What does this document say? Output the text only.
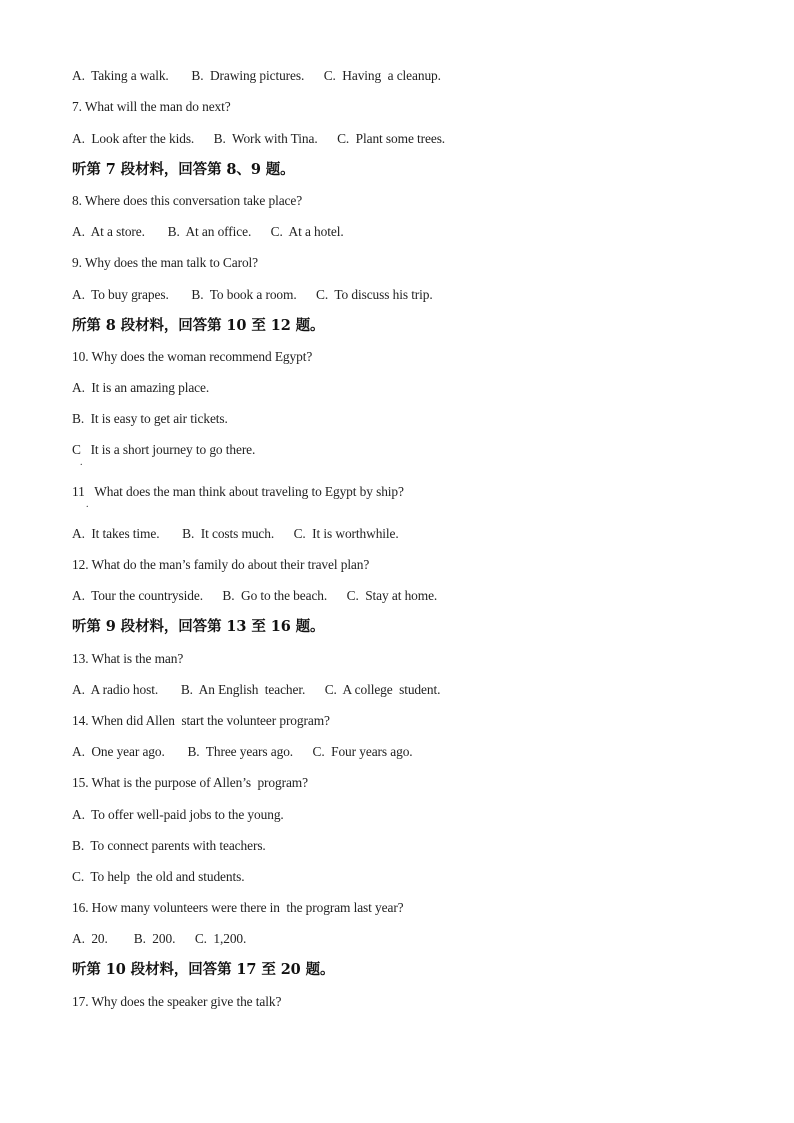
A.  Taking a walk.       B.  Drawing pictures.      C.  Having  a cleanup.
7. What will the man do next?
A.  Look after the kids.      B.  Work with Tina.      C.  Plant some trees.
听第 7 段材料，回答第 8、9 题。
8. Where does this conversation take place?
A.  At a store.       B.  At an office.      C.  At a hotel.
9. Why does the man talk to Carol?
A.  To buy grapes.       B.  To book a room.      C.  To discuss his trip.
所第 8 段材料，回答第 10 至 12 题。
10. Why does the woman recommend Egypt?
A.  It is an amazing place.
B.  It is easy to get air tickets.
C   It is a short journey to go there.
.
11   What does the man think about traveling to Egypt by ship?
.
A.  It takes time.       B.  It costs much.      C.  It is worthwhile.
12. What do the man’s family do about their travel plan?
A.  Tour the countryside.      B.  Go to the beach.      C.  Stay at home.
听第 9 段材料，回答第 13 至 16 题。
13. What is the man?
A.  A radio host.       B.  An English  teacher.      C.  A college  student.
14. When did Allen  start the volunteer program?
A.  One year ago.       B.  Three years ago.      C.  Four years ago.
15. What is the purpose of Allen’s  program?
A.  To offer well-paid jobs to the young.
B.  To connect parents with teachers.
C.  To help  the old and students.
16. How many volunteers were there in  the program last year?
A.  20.        B.  200.      C.  1,200.
听第 10 段材料，回答第 17 至 20 题。
17. Why does the speaker give the talk?
